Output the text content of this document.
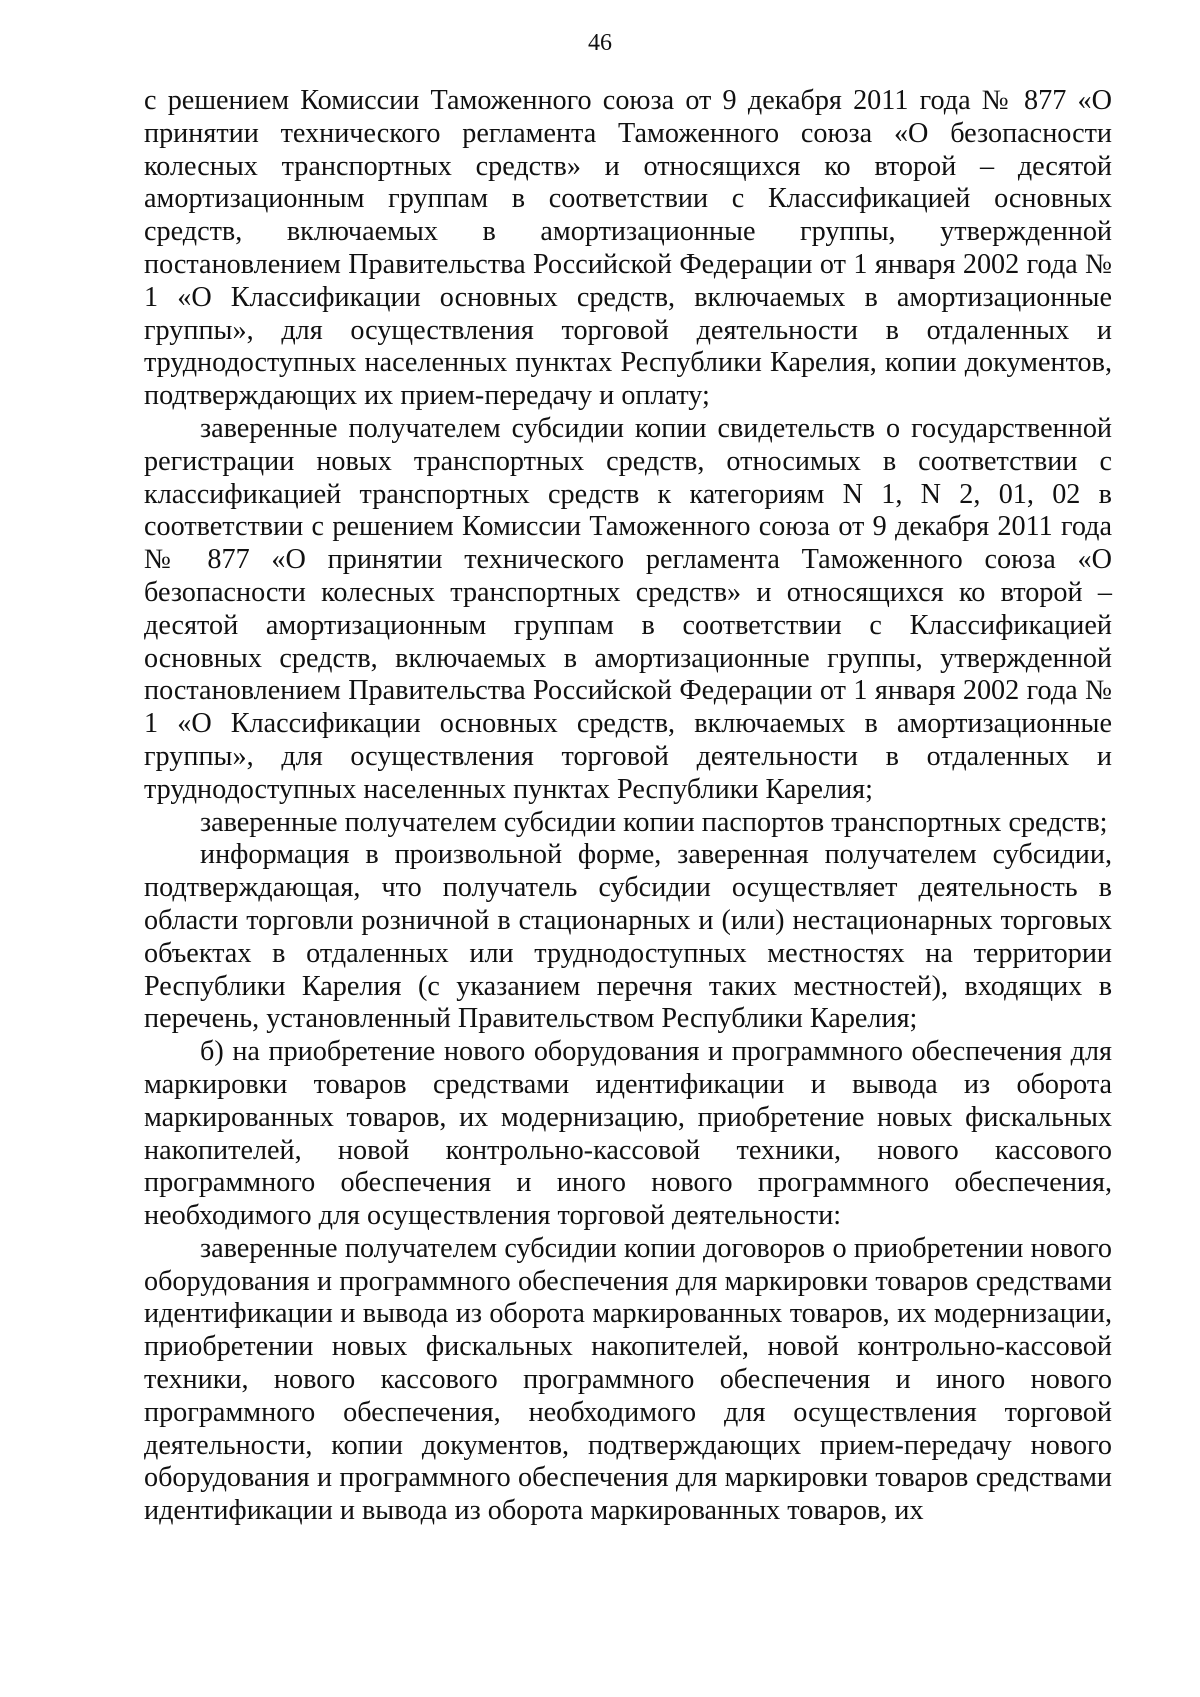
46

с решением Комиссии Таможенного союза от 9 декабря 2011 года № 877 «О принятии технического регламента Таможенного союза «О безопасности колесных транспортных средств» и относящихся ко второй – десятой амортизационным группам в соответствии с Классификацией основных средств, включаемых в амортизационные группы, утвержденной постановлением Правительства Российской Федерации от 1 января 2002 года № 1 «О Классификации основных средств, включаемых в амортизационные группы», для осуществления торговой деятельности в отдаленных и труднодоступных населенных пунктах Республики Карелия, копии документов, подтверждающих их прием-передачу и оплату;

заверенные получателем субсидии копии свидетельств о государственной регистрации новых транспортных средств, относимых в соответствии с классификацией транспортных средств к категориям N 1, N 2, 01, 02 в соответствии с решением Комиссии Таможенного союза от 9 декабря 2011 года № 877 «О принятии технического регламента Таможенного союза «О безопасности колесных транспортных средств» и относящихся ко второй – десятой амортизационным группам в соответствии с Классификацией основных средств, включаемых в амортизационные группы, утвержденной постановлением Правительства Российской Федерации от 1 января 2002 года № 1 «О Классификации основных средств, включаемых в амортизационные группы», для осуществления торговой деятельности в отдаленных и труднодоступных населенных пунктах Республики Карелия;

заверенные получателем субсидии копии паспортов транспортных средств;

информация в произвольной форме, заверенная получателем субсидии, подтверждающая, что получатель субсидии осуществляет деятельность в области торговли розничной в стационарных и (или) нестационарных торговых объектах в отдаленных или труднодоступных местностях на территории Республики Карелия (с указанием перечня таких местностей), входящих в перечень, установленный Правительством Республики Карелия;

б) на приобретение нового оборудования и программного обеспечения для маркировки товаров средствами идентификации и вывода из оборота маркированных товаров, их модернизацию, приобретение новых фискальных накопителей, новой контрольно-кассовой техники, нового кассового программного обеспечения и иного нового программного обеспечения, необходимого для осуществления торговой деятельности:

заверенные получателем субсидии копии договоров о приобретении нового оборудования и программного обеспечения для маркировки товаров средствами идентификации и вывода из оборота маркированных товаров, их модернизации, приобретении новых фискальных накопителей, новой контрольно-кассовой техники, нового кассового программного обеспечения и иного нового программного обеспечения, необходимого для осуществления торговой деятельности, копии документов, подтверждающих прием-передачу нового оборудования и программного обеспечения для маркировки товаров средствами идентификации и вывода из оборота маркированных товаров, их
